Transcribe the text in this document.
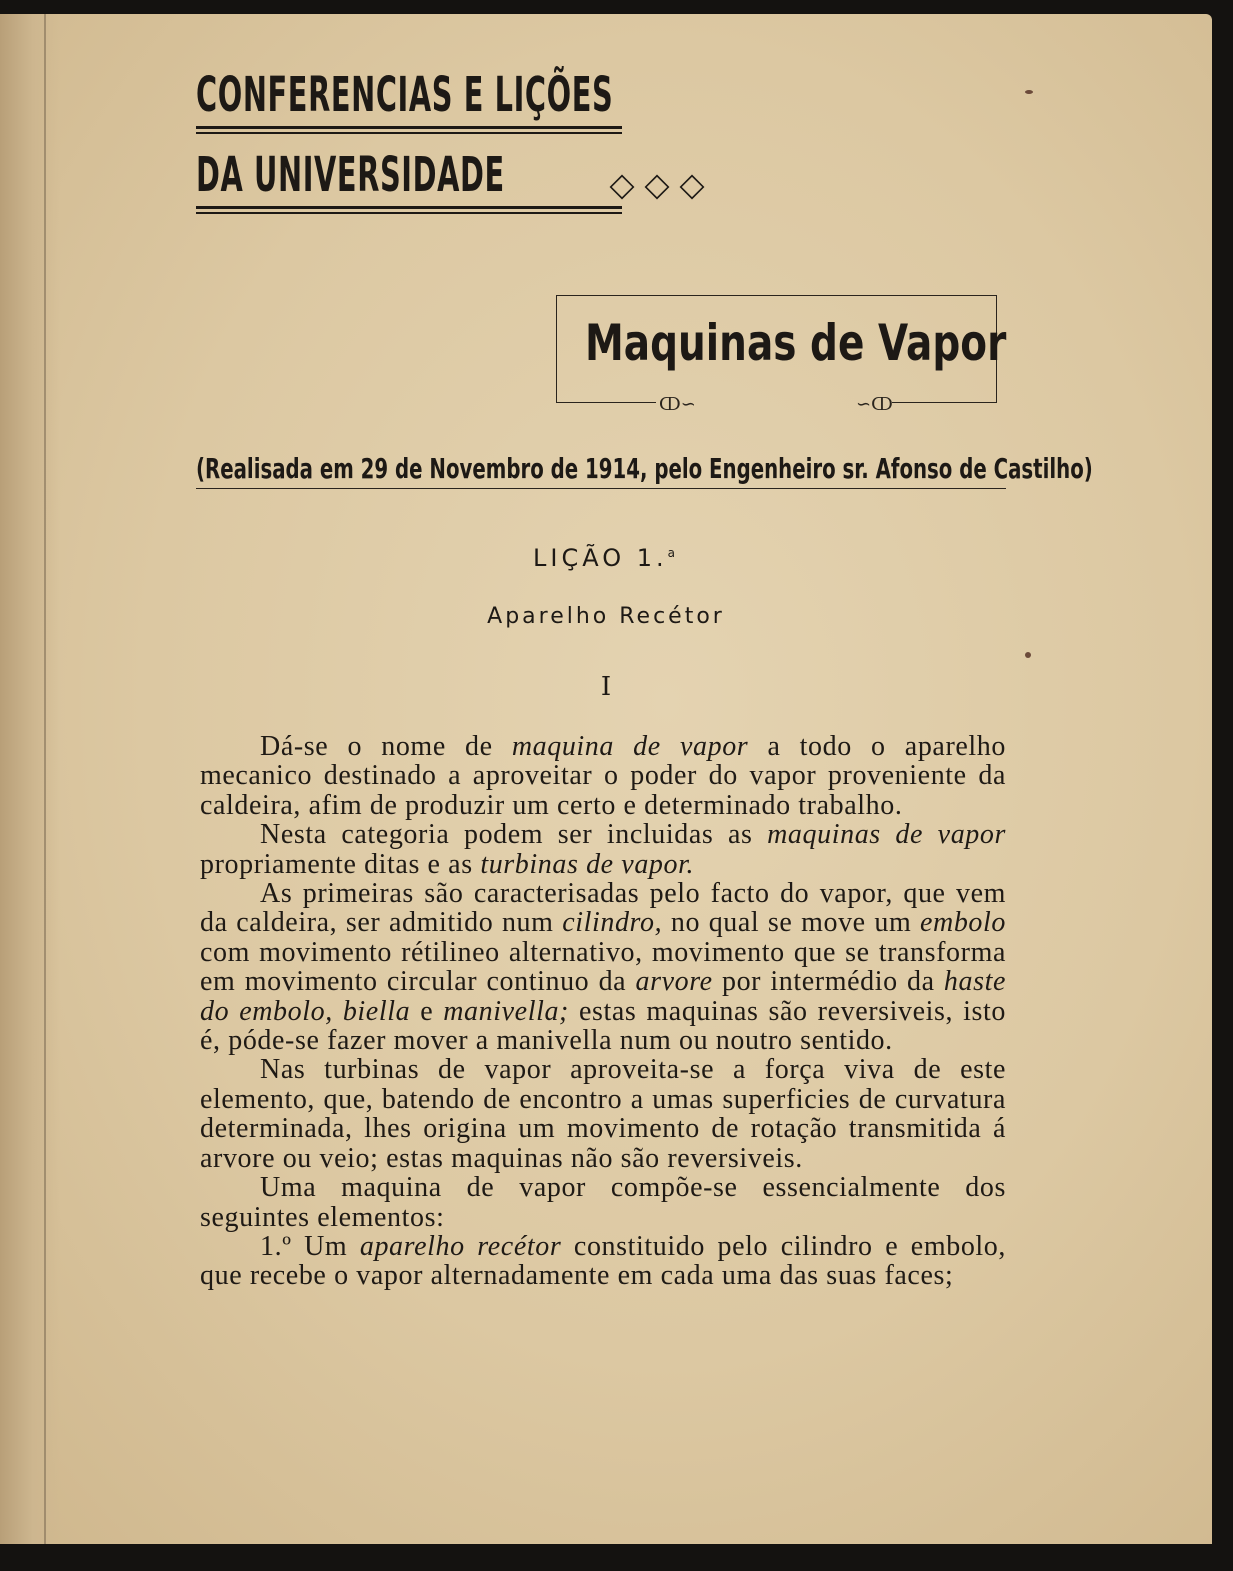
CONFERENCIAS E LIÇÕES
DA UNIVERSIDADE
Maquinas de Vapor
ↀ∽	∽ↀ
(Realisada em 29 de Novembro de 1914, pelo Engenheiro sr. Afonso de Castilho)
LIÇÃO 1.$^a$
Aparelho Recétor
I

Dá-se o nome de maquina de vapor a todo o aparelho mecanico destinado a aproveitar o poder do vapor proveniente da caldeira, afim de produzir um certo e determinado trabalho.

Nesta categoria podem ser incluidas as maquinas de vapor propriamente ditas e as turbinas de vapor.

As primeiras são caracterisadas pelo facto do vapor, que vem da caldeira, ser admitido num cilindro, no qual se move um embolo com movimento rétilineo alternativo, movimento que se transforma em movimento circular continuo da arvore por intermédio da haste do embolo, biella e manivella; estas maquinas são reversiveis, isto é, póde-se fazer mover a manivella num ou noutro sentido.

Nas turbinas de vapor aproveita-se a força viva de este elemento, que, batendo de encontro a umas superficies de curvatura determinada, lhes origina um movimento de rotação transmitida á arvore ou veio; estas maquinas não são reversiveis.

Uma maquina de vapor compõe-se essencialmente dos seguintes elementos:

1.º Um aparelho recétor constituido pelo cilindro e embolo, que recebe o vapor alternadamente em cada uma das suas faces;
